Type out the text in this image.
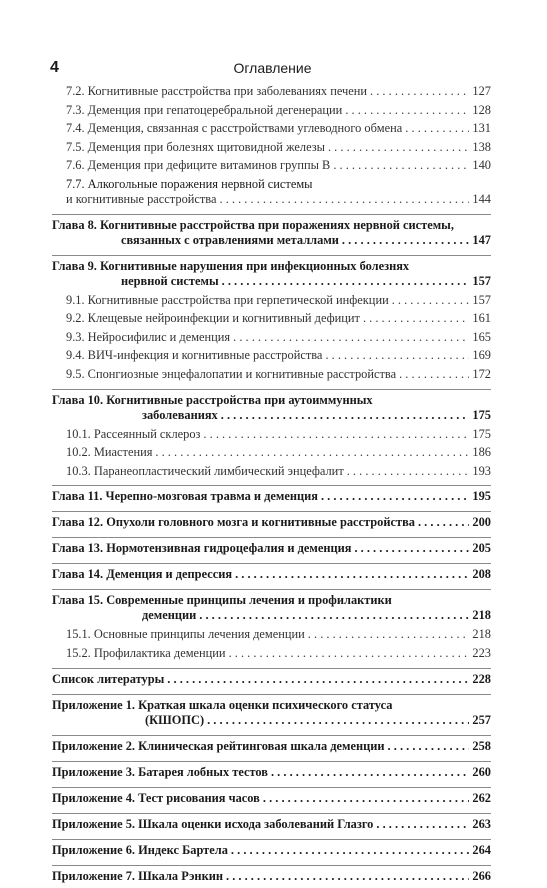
4	Оглавление
7.2. Когнитивные расстройства при заболеваниях печени . . .	127
7.3. Деменция при гепатоцеребральной дегенерации . . .	128
7.4. Деменция, связанная с расстройствами углеводного обмена . . .	131
7.5. Деменция при болезнях щитовидной железы . . .	138
7.6. Деменция при дефиците витаминов группы B . . .	140
7.7. Алкогольные поражения нервной системы
и когнитивные расстройства . . .	144
Глава 8. Когнитивные расстройства при поражениях нервной системы,
связанных с отравлениями металлами . . .	147
Глава 9. Когнитивные нарушения при инфекционных болезнях
нервной системы . . .	157
9.1. Когнитивные расстройства при герпетической инфекции . . .	157
9.2. Клещевые нейроинфекции и когнитивный дефицит . . .	161
9.3. Нейросифилис и деменция . . .	165
9.4. ВИЧ-инфекция и когнитивные расстройства . . .	169
9.5. Спонгиозные энцефалопатии и когнитивные расстройства . . .	172
Глава 10. Когнитивные расстройства при аутоиммунных
заболеваниях . . .	175
10.1. Рассеянный склероз . . .	175
10.2. Миастения . . .	186
10.3. Паранеопластический лимбический энцефалит . . .	193
Глава 11. Черепно-мозговая травма и деменция . . .	195
Глава 12. Опухоли головного мозга и когнитивные расстройства . . .	200
Глава 13. Нормотензивная гидроцефалия и деменция . . .	205
Глава 14. Деменция и депрессия . . .	208
Глава 15. Современные принципы лечения и профилактики
деменции . . .	218
15.1. Основные принципы лечения деменции . . .	218
15.2. Профилактика деменции . . .	223
Список литературы . . .	228
Приложение 1. Краткая шкала оценки психического статуса
(КШОПС) . . .	257
Приложение 2. Клиническая рейтинговая шкала деменции . . .	258
Приложение 3. Батарея лобных тестов . . .	260
Приложение 4. Тест рисования часов . . .	262
Приложение 5. Шкала оценки исхода заболеваний Глазго . . .	263
Приложение 6. Индекс Бартела . . .	264
Приложение 7. Шкала Рэнкин . . .	266
